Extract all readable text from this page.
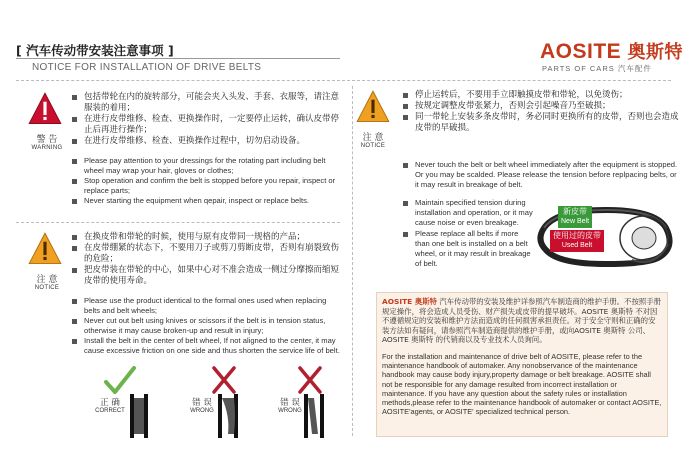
[ 汽车传动带安装注意事项 ]
NOTICE FOR INSTALLATION OF DRIVE BELTS
AOSITE 奥斯特
PARTS OF CARS 汽车配件
警 告
WARNING
包括带轮在内的旋转部分，可能会夹入头发、手套、衣服等，请注意服装的着用；
在进行皮带维修、检查、更换操作时，一定要停止运转，确认皮带停止后再进行操作；
在进行皮带维修、检查、更换操作过程中，切勿启动设备。
Please pay attention to your dressings for the rotating part including belt wheel may wrap your hair, gloves or clothes;
Stop operation and confirm the belt is stopped before you repair, inspect or replace parts;
Never starting the equipment when qepair, inspect or replace belts.
注 意
NOTICE
在换皮带和带轮的时候，使用与原有皮带同一规格的产品；
在皮带绷紧的状态下，不要用刀子或剪刀剪断皮带，否则有崩裂致伤的危险；
把皮带装在带轮的中心，如果中心对不准会造成一侧过分摩擦而缩短皮带的使用寿命。
Please use the product identical to the formal ones used when replacing belts and belt wheels;
Never cut out belt using knives or scissors if the belt is in tension status, otherwise it may cause broken-up and result in injury;
Install the belt in the center of belt wheel, If not aligned to the center, it may cause excessive friction on one side and thus shorten the service life of belt.
正 确
CORRECT
错 误
WRONG
错 误
WRONG
注 意
NOTICE
停止运转后，不要用手立即触摸皮带和带轮，以免烫伤；
按规定调整皮带张紧力，否则会引起噪音乃至破损；
同一带轮上安装多条皮带时，务必同时更换所有的皮带，否则也会造成皮带的早破损。
Never touch the belt or belt wheel immediately after the equipment is stopped. Or you may be scalded. Please release the tension before replpacing belts, or it may result in breakage of belt.
Maintain specified tension during installation and operation, or it may cause noise or even breakage.
Please replace all belts if more than one belt is installed on a belt wheel, or it may result in breakage of belt.
新皮带
New Belt
使用过的皮带
Used Belt
AOSITE 奥斯特 汽车传动带的安装及维护详参照汽车制造商的维护手册。不按照手册规定操作，将会造成人员受伤、财产损失或皮带的提早破坏。AOSITE 奥斯特 不对因不遵循规定的安装和维护方法而造成的任何损害承担责任。对于安全守则和正确的安装方法如有疑问，请参照汽车制造商提供的维护手册，或向AOSITE 奥斯特 公司、AOSITE 奥斯特 的代销商以及专业技术人员询问。
For the installation and maintenance of drive belt of AOSITE, please refer to the maintenance handbook of automaker. Any nonobservance of the maintenance handbook may cause body injury,property damage or belt breakage. AOSITE shall not be responsible for any damage resulted from incorrect installation or maintenance. If you have any question about the safety rules or installation methods,please refer to the maintenance handbook of automaker or contact AOSITE, AOSITE'agents, or AOSITE' specialized technical person.
